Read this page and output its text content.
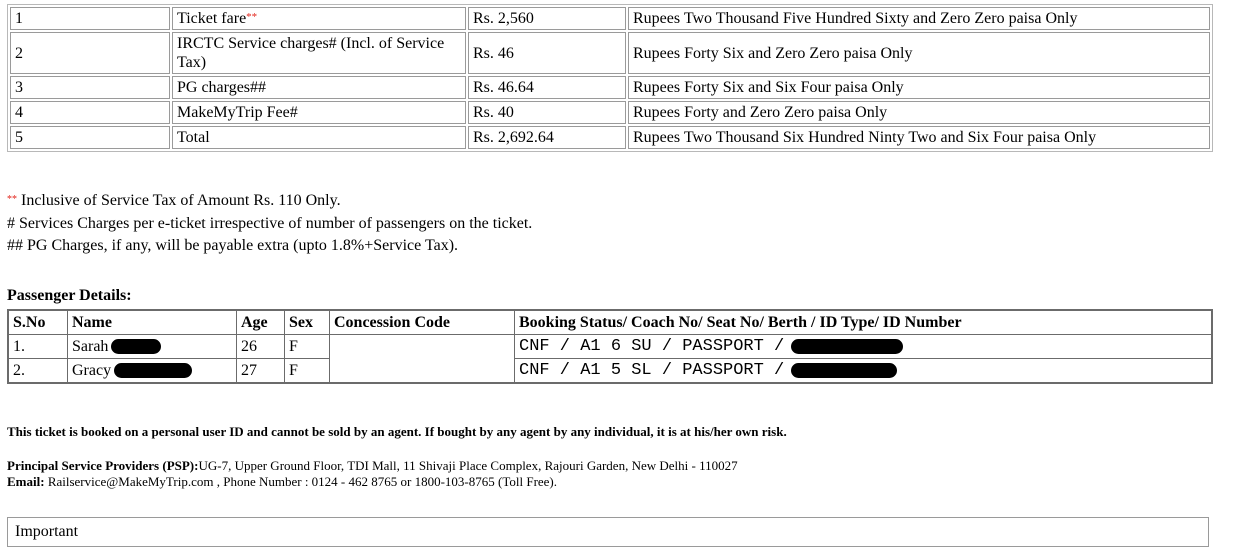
1	Ticket fare**	Rs. 2,560	Rupees Two Thousand Five Hundred Sixty and Zero Zero paisa Only
2	IRCTC Service charges# (Incl. of Service Tax)	Rs. 46	Rupees Forty Six and Zero Zero paisa Only
3	PG charges##	Rs. 46.64	Rupees Forty Six and Six Four paisa Only
4	MakeMyTrip Fee#	Rs. 40	Rupees Forty and Zero Zero paisa Only
5	Total	Rs. 2,692.64	Rupees Two Thousand Six Hundred Ninty Two and Six Four paisa Only
** Inclusive of Service Tax of Amount Rs. 110 Only.
# Services Charges per e-ticket irrespective of number of passengers on the ticket.
## PG Charges, if any, will be payable extra (upto 1.8%+Service Tax).
Passenger Details:
S.No	Name	Age	Sex	Concession Code	Booking Status/ Coach No/ Seat No/ Berth / ID Type/ ID Number
1.	Sarah	26	F		CNF / A1 6 SU / PASSPORT /
2.	Gracy	27	F		CNF / A1 5 SL / PASSPORT /
This ticket is booked on a personal user ID and cannot be sold by an agent. If bought by any agent by any individual, it is at his/her own risk.
Principal Service Providers (PSP):UG-7, Upper Ground Floor, TDI Mall, 11 Shivaji Place Complex, Rajouri Garden, New Delhi - 110027
Email: Railservice@MakeMyTrip.com , Phone Number : 0124 - 462 8765 or 1800-103-8765 (Toll Free).
Important
